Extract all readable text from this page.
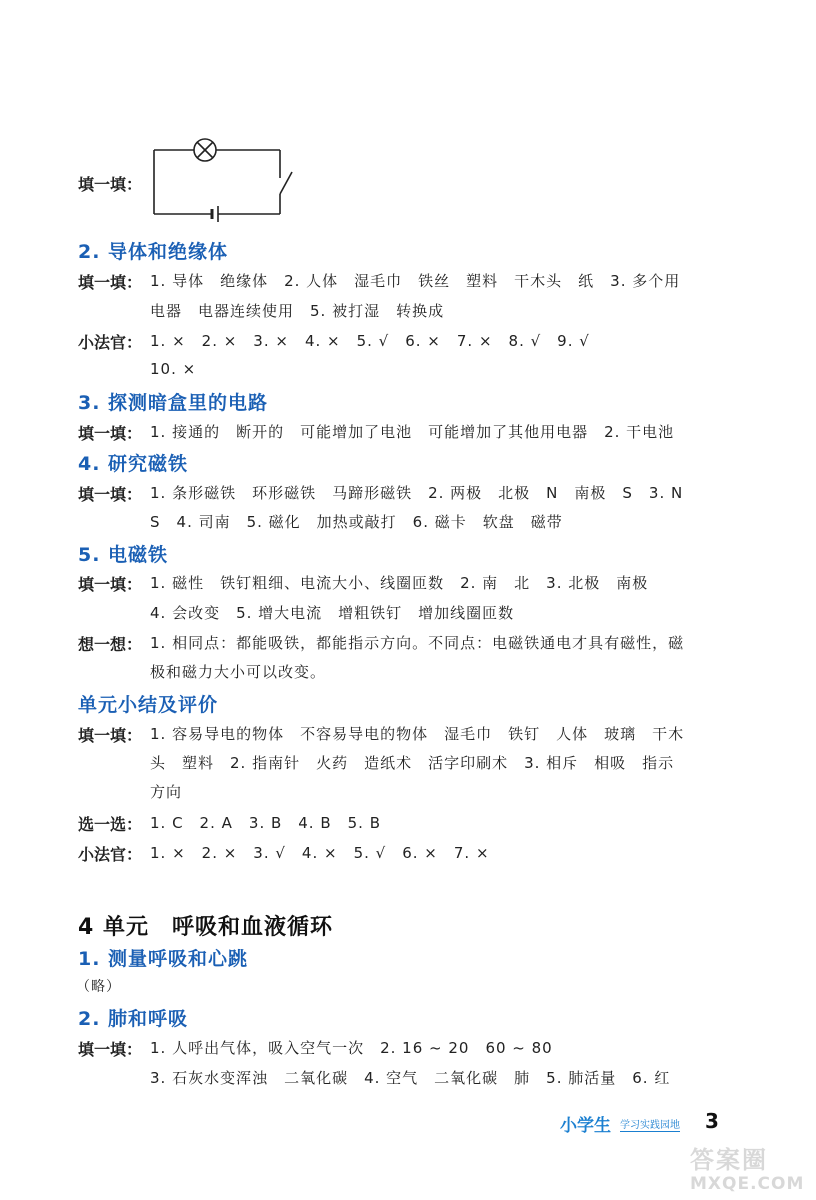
填一填：
2. 导体和绝缘体
填一填： 1. 导体　绝缘体　2. 人体　湿毛巾　铁丝　塑料　干木头　纸　3. 多个用
电器　电器连续使用　5. 被打湿　转换成
小法官： 1. ×　2. ×　3. ×　4. ×　5. √　6. ×　7. ×　8. √　9. √
10. ×
3. 探测暗盒里的电路
填一填： 1. 接通的　断开的　可能增加了电池　可能增加了其他用电器　2. 干电池
4. 研究磁铁
填一填： 1. 条形磁铁　环形磁铁　马蹄形磁铁　2. 两极　北极　N　南极　S　3. N
S　4. 司南　5. 磁化　加热或敲打　6. 磁卡　软盘　磁带
5. 电磁铁
填一填： 1. 磁性　铁钉粗细、电流大小、线圈匝数　2. 南　北　3. 北极　南极
4. 会改变　5. 增大电流　增粗铁钉　增加线圈匝数
想一想： 1. 相同点：都能吸铁，都能指示方向。不同点：电磁铁通电才具有磁性，磁
极和磁力大小可以改变。
单元小结及评价
填一填： 1. 容易导电的物体　不容易导电的物体　湿毛巾　铁钉　人体　玻璃　干木
头　塑料　2. 指南针　火药　造纸术　活字印刷术　3. 相斥　相吸　指示
方向
选一选： 1. C　2. A　3. B　4. B　5. B
小法官： 1. ×　2. ×　3. √　4. ×　5. √　6. ×　7. ×
4 单元　呼吸和血液循环
1. 测量呼吸和心跳
（略）
2. 肺和呼吸
填一填： 1. 人呼出气体，吸入空气一次　2. 16 ~ 20　60 ~ 80
3. 石灰水变浑浊　二氧化碳　4. 空气　二氧化碳　肺　5. 肺活量　6. 红
小学生 学习实践园地 3
答案圈
MXQE.COM
